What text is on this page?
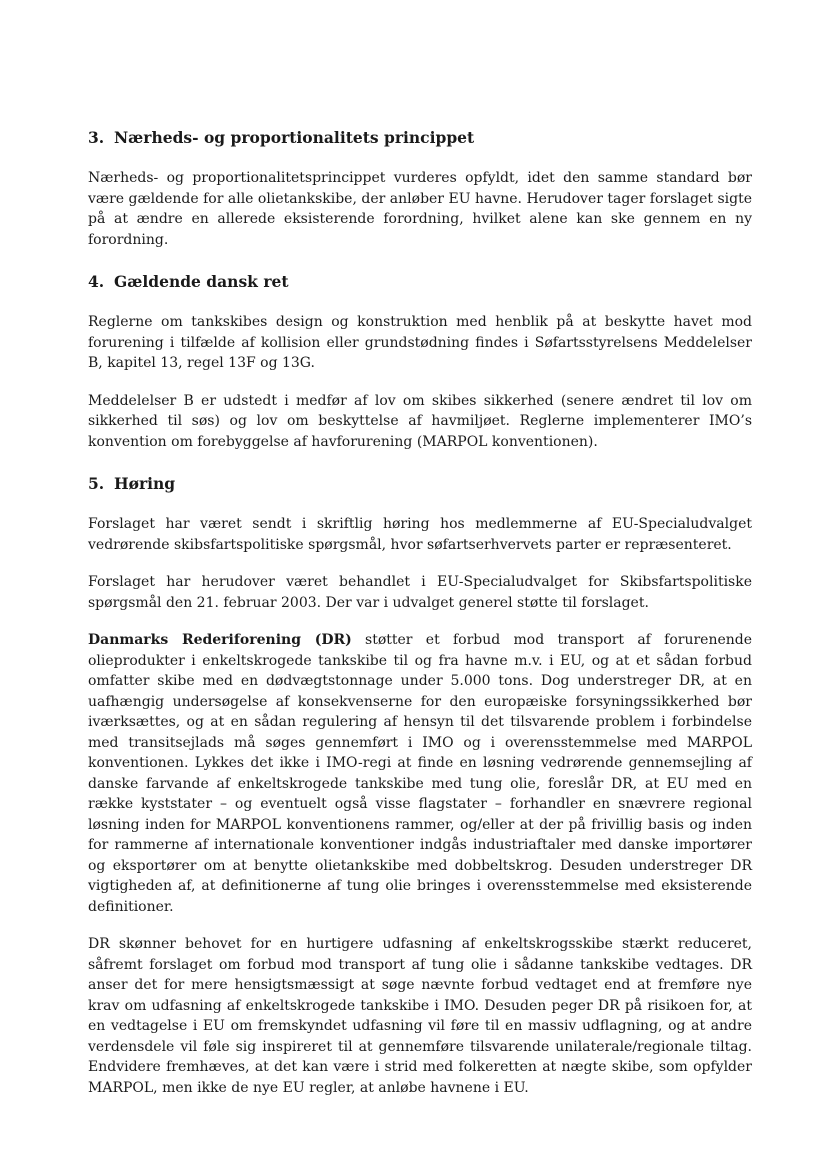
3. Nærheds- og proportionalitets princippet

Nærheds- og proportionalitetsprincippet vurderes opfyldt, idet den samme standard bør være gældende for alle olietankskibe, der anløber EU havne. Herudover tager forslaget sigte på at ændre en allerede eksisterende forordning, hvilket alene kan ske gennem en ny forordning.

4. Gældende dansk ret

Reglerne om tankskibes design og konstruktion med henblik på at beskytte havet mod forurening i tilfælde af kollision eller grundstødning findes i Søfartsstyrelsens Meddelelser B, kapitel 13, regel 13F og 13G.

Meddelelser B er udstedt i medfør af lov om skibes sikkerhed (senere ændret til lov om sikkerhed til søs) og lov om beskyttelse af havmiljøet. Reglerne implementerer IMO’s konvention om forebyggelse af havforurening (MARPOL konventionen).

5. Høring

Forslaget har været sendt i skriftlig høring hos medlemmerne af EU-Specialudvalget vedrørende skibsfartspolitiske spørgsmål, hvor søfartserhvervets parter er repræsenteret.

Forslaget har herudover været behandlet i EU-Specialudvalget for Skibsfartspolitiske spørgsmål den 21. februar 2003. Der var i udvalget generel støtte til forslaget.

Danmarks Rederiforening (DR) støtter et forbud mod transport af forurenende olieprodukter i enkeltskrogede tankskibe til og fra havne m.v. i EU, og at et sådan forbud omfatter skibe med en dødvægtstonnage under 5.000 tons. Dog understreger DR, at en uafhængig undersøgelse af konsekvenserne for den europæiske forsyningssikkerhed bør iværksættes, og at en sådan regulering af hensyn til det tilsvarende problem i forbindelse med transitsejlads må søges gennemført i IMO og i overensstemmelse med MARPOL konventionen. Lykkes det ikke i IMO-regi at finde en løsning vedrørende gennemsejling af danske farvande af enkeltskrogede tankskibe med tung olie, foreslår DR, at EU med en række kyststater – og eventuelt også visse flagstater – forhandler en snævrere regional løsning inden for MARPOL konventionens rammer, og/eller at der på frivillig basis og inden for rammerne af internationale konventioner indgås industriaftaler med danske importører og eksportører om at benytte olietankskibe med dobbeltskrog. Desuden understreger DR vigtigheden af, at definitionerne af tung olie bringes i overensstemmelse med eksisterende definitioner.

DR skønner behovet for en hurtigere udfasning af enkeltskrogsskibe stærkt reduceret, såfremt forslaget om forbud mod transport af tung olie i sådanne tankskibe vedtages. DR anser det for mere hensigtsmæssigt at søge nævnte forbud vedtaget end at fremføre nye krav om udfasning af enkeltskrogede tankskibe i IMO. Desuden peger DR på risikoen for, at en vedtagelse i EU om fremskyndet udfasning vil føre til en massiv udflagning, og at andre verdensdele vil føle sig inspireret til at gennemføre tilsvarende unilaterale/regionale tiltag. Endvidere fremhæves, at det kan være i strid med folkeretten at nægte skibe, som opfylder MARPOL, men ikke de nye EU regler, at anløbe havnene i EU.
